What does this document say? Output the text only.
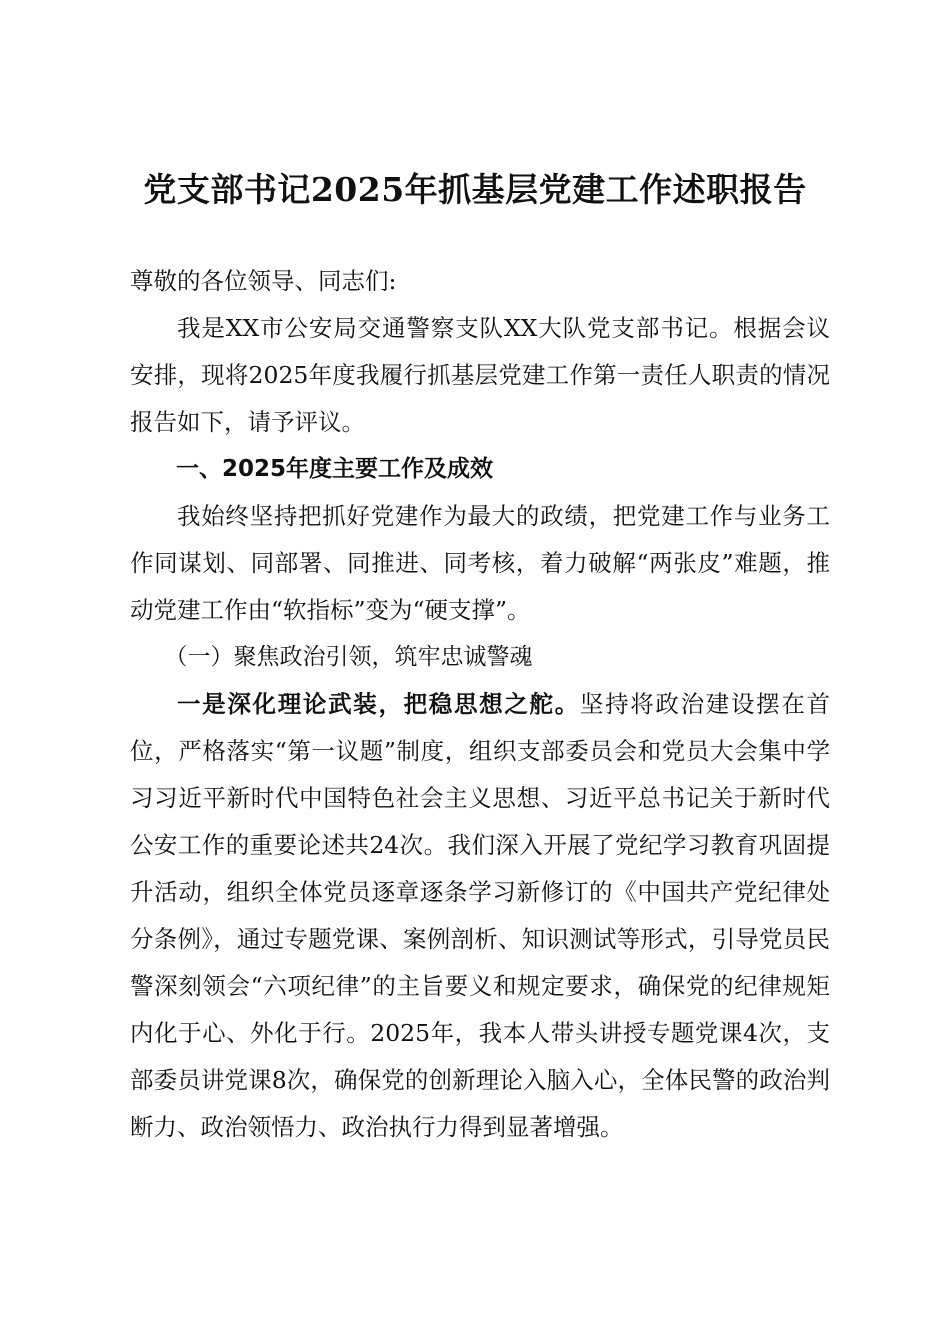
党支部书记2025年抓基层党建工作述职报告

尊敬的各位领导、同志们:

我是XX市公安局交通警察支队XX大队党支部书记。根据会议安排，现将2025年度我履行抓基层党建工作第一责任人职责的情况报告如下，请予评议。

一、2025年度主要工作及成效

我始终坚持把抓好党建作为最大的政绩，把党建工作与业务工作同谋划、同部署、同推进、同考核，着力破解“两张皮”难题，推动党建工作由“软指标”变为“硬支撑”。

（一）聚焦政治引领，筑牢忠诚警魂

一是深化理论武装，把稳思想之舵。坚持将政治建设摆在首位，严格落实“第一议题”制度，组织支部委员会和党员大会集中学习习近平新时代中国特色社会主义思想、习近平总书记关于新时代公安工作的重要论述共24次。我们深入开展了党纪学习教育巩固提升活动，组织全体党员逐章逐条学习新修订的《中国共产党纪律处分条例》，通过专题党课、案例剖析、知识测试等形式，引导党员民警深刻领会“六项纪律”的主旨要义和规定要求，确保党的纪律规矩内化于心、外化于行。2025年，我本人带头讲授专题党课4次，支部委员讲党课8次，确保党的创新理论入脑入心，全体民警的政治判断力、政治领悟力、政治执行力得到显著增强。
